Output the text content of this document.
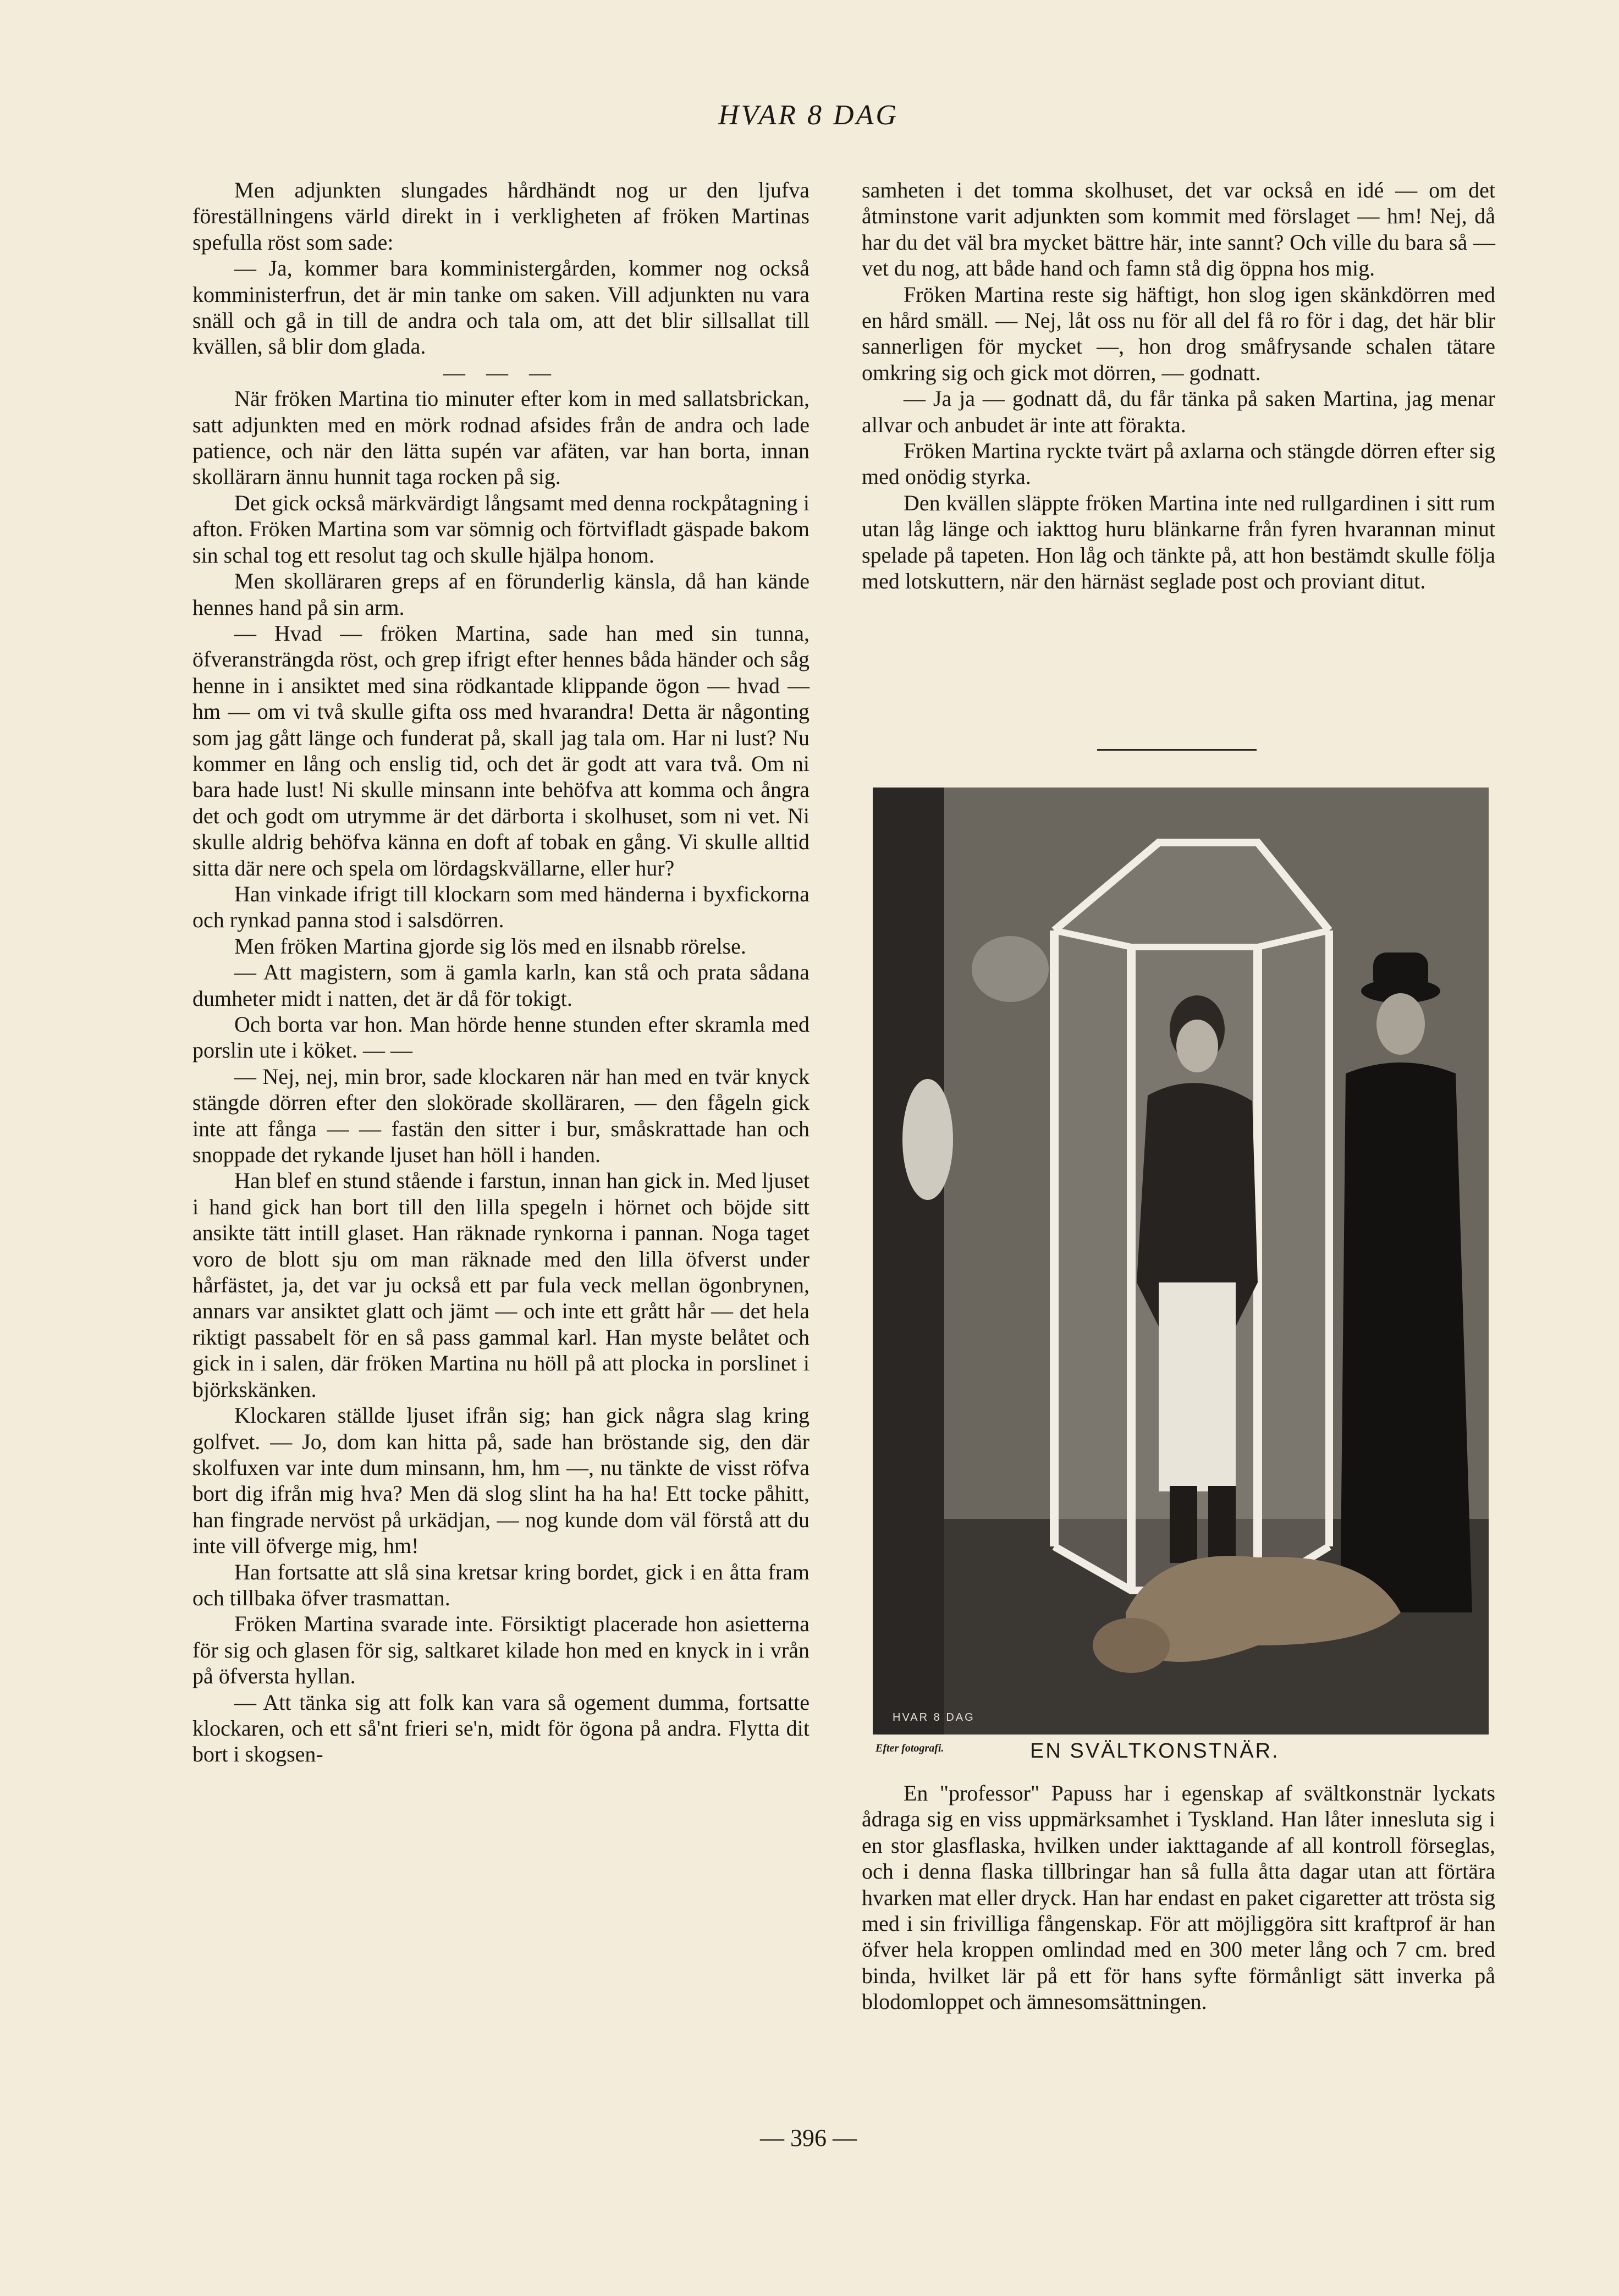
HVAR 8 DAG

Men adjunkten slungades hårdhändt nog ur den ljufva föreställningens värld direkt in i verkligheten af fröken Martinas spefulla röst som sade:

— Ja, kommer bara komministergården, kommer nog också komministerfrun, det är min tanke om saken. Vill adjunkten nu vara snäll och gå in till de andra och tala om, att det blir sillsallat till kvällen, så blir dom glada.

— — —

När fröken Martina tio minuter efter kom in med sallatsbrickan, satt adjunkten med en mörk rodnad afsides från de andra och lade patience, och när den lätta supén var afäten, var han borta, innan skollärarn ännu hunnit taga rocken på sig.

Det gick också märkvärdigt långsamt med denna rockpåtagning i afton. Fröken Martina som var sömnig och förtvifladt gäspade bakom sin schal tog ett resolut tag och skulle hjälpa honom.

Men skolläraren greps af en förunderlig känsla, då han kände hennes hand på sin arm.

— Hvad — fröken Martina, sade han med sin tunna, öfveransträngda röst, och grep ifrigt efter hennes båda händer och såg henne in i ansiktet med sina rödkantade klippande ögon — hvad — hm — om vi två skulle gifta oss med hvarandra! Detta är någonting som jag gått länge och funderat på, skall jag tala om. Har ni lust? Nu kommer en lång och enslig tid, och det är godt att vara två. Om ni bara hade lust! Ni skulle minsann inte behöfva att komma och ångra det och godt om utrymme är det därborta i skolhuset, som ni vet. Ni skulle aldrig behöfva känna en doft af tobak en gång. Vi skulle alltid sitta där nere och spela om lördagskvällarne, eller hur?

Han vinkade ifrigt till klockarn som med händerna i byxfickorna och rynkad panna stod i salsdörren.

Men fröken Martina gjorde sig lös med en ilsnabb rörelse.

— Att magistern, som ä gamla karln, kan stå och prata sådana dumheter midt i natten, det är då för tokigt.

Och borta var hon. Man hörde henne stunden efter skramla med porslin ute i köket. — —

— Nej, nej, min bror, sade klockaren när han med en tvär knyck stängde dörren efter den slokörade skolläraren, — den fågeln gick inte att fånga — — fastän den sitter i bur, småskrattade han och snoppade det rykande ljuset han höll i handen.

Han blef en stund stående i farstun, innan han gick in. Med ljuset i hand gick han bort till den lilla spegeln i hörnet och böjde sitt ansikte tätt intill glaset. Han räknade rynkorna i pannan. Noga taget voro de blott sju om man räknade med den lilla öfverst under hårfästet, ja, det var ju också ett par fula veck mellan ögonbrynen, annars var ansiktet glatt och jämt — och inte ett grått hår — det hela riktigt passabelt för en så pass gammal karl. Han myste belåtet och gick in i salen, där fröken Martina nu höll på att plocka in porslinet i björkskänken.

Klockaren ställde ljuset ifrån sig; han gick några slag kring golfvet. — Jo, dom kan hitta på, sade han bröstande sig, den där skolfuxen var inte dum minsann, hm, hm —, nu tänkte de visst röfva bort dig ifrån mig hva? Men dä slog slint ha ha ha! Ett tocke påhitt, han fingrade nervöst på urkädjan, — nog kunde dom väl förstå att du inte vill öfverge mig, hm!

Han fortsatte att slå sina kretsar kring bordet, gick i en åtta fram och tillbaka öfver trasmattan.

Fröken Martina svarade inte. Försiktigt placerade hon asietterna för sig och glasen för sig, saltkaret kilade hon med en knyck in i vrån på öfversta hyllan.

— Att tänka sig att folk kan vara så ogement dumma, fortsatte klockaren, och ett så'nt frieri se'n, midt för ögona på andra. Flytta dit bort i skogsen-

samheten i det tomma skolhuset, det var också en idé — om det åtminstone varit adjunkten som kommit med förslaget — hm! Nej, då har du det väl bra mycket bättre här, inte sannt? Och ville du bara så — vet du nog, att både hand och famn stå dig öppna hos mig.

Fröken Martina reste sig häftigt, hon slog igen skänkdörren med en hård smäll. — Nej, låt oss nu för all del få ro för i dag, det här blir sannerligen för mycket —, hon drog småfrysande schalen tätare omkring sig och gick mot dörren, — godnatt.

— Ja ja — godnatt då, du får tänka på saken Martina, jag menar allvar och anbudet är inte att förakta.

Fröken Martina ryckte tvärt på axlarna och stängde dörren efter sig med onödig styrka.

Den kvällen släppte fröken Martina inte ned rullgardinen i sitt rum utan låg länge och iakttog huru blänkarne från fyren hvarannan minut spelade på tapeten. Hon låg och tänkte på, att hon bestämdt skulle följa med lotskuttern, när den härnäst seglade post och proviant ditut.

HVAR 8 DAG
Efter fotografi.	EN SVÄLTKONSTNÄR.

En "professor" Papuss har i egenskap af svältkonstnär lyckats ådraga sig en viss uppmärksamhet i Tyskland. Han låter innesluta sig i en stor glasflaska, hvilken under iakttagande af all kontroll förseglas, och i denna flaska tillbringar han så fulla åtta dagar utan att förtära hvarken mat eller dryck. Han har endast en paket cigaretter att trösta sig med i sin frivilliga fångenskap. För att möjliggöra sitt kraftprof är han öfver hela kroppen omlindad med en 300 meter lång och 7 cm. bred binda, hvilket lär på ett för hans syfte förmånligt sätt inverka på blodomloppet och ämnesomsättningen.

— 396 —
